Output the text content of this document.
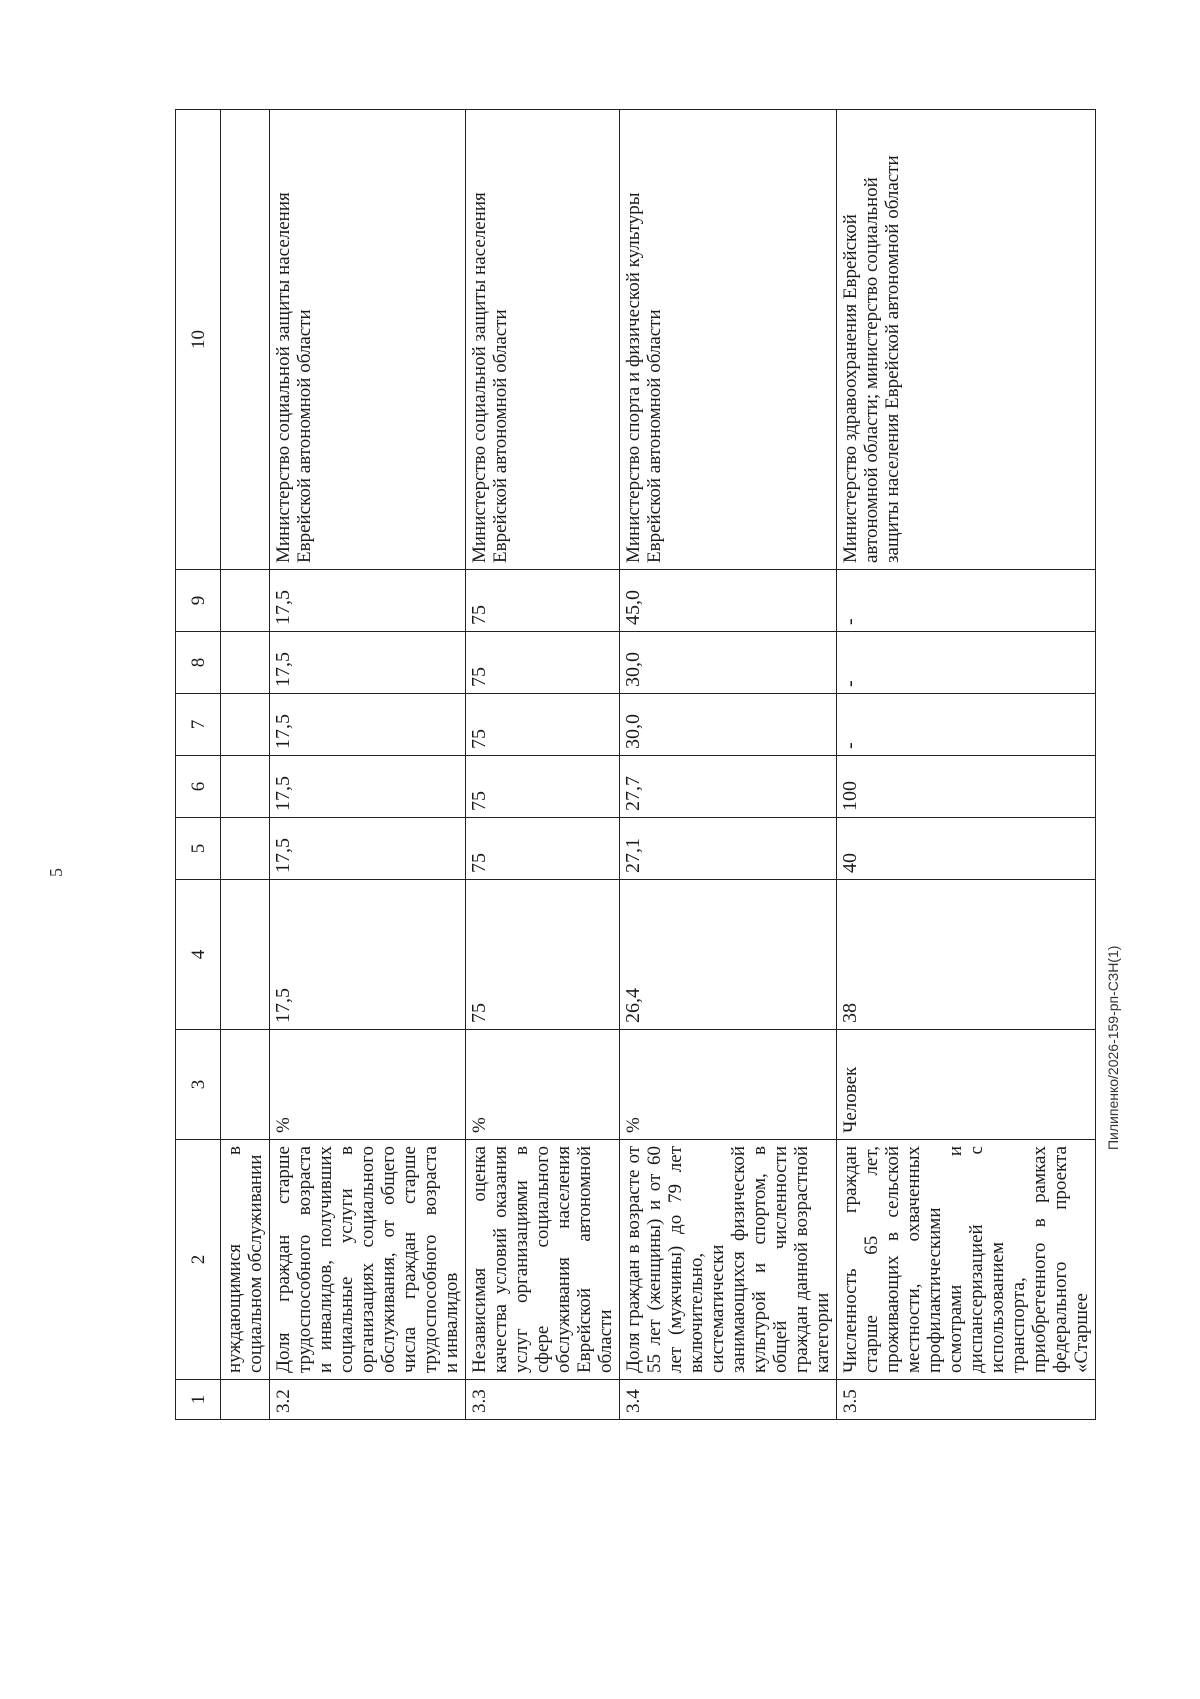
5
Пилипенко/2026-159-рп-СЗН(1)
1	2	3	4	5	6	7	8	9	10
	нуждающимися в социальном обслуживании								
3.2	Доля граждан старше трудоспособного возраста и инвалидов, получивших социальные услуги в организациях социального обслуживания, от общего числа граждан старше трудоспособного возраста и инвалидов	%	17,5	17,5	17,5	17,5	17,5	17,5	Министерство социальной защиты населения Еврейской автономной области
3.3	Независимая оценка качества условий оказания услуг организациями в сфере социального обслуживания населения Еврейской автономной области	%	75	75	75	75	75	75	Министерство социальной защиты населения Еврейской автономной области
3.4	Доля граждан в возрасте от 55 лет (женщины) и от 60 лет (мужчины) до 79 лет включительно, систематически занимающихся физической культурой и спортом, в общей численности граждан данной возрастной категории	%	26,4	27,1	27,7	30,0	30,0	45,0	Министерство спорта и физической культуры Еврейской автономной области
3.5	Численность граждан старше 65 лет, проживающих в сельской местности, охваченных профилактическими осмотрами и диспансеризацией с использованием транспорта, приобретенного в рамках федерального проекта «Старшее	Человек	38	40	100	-	-	-	Министерство здравоохранения Еврейской автономной области; министерство социальной защиты населения Еврейской автономной области
